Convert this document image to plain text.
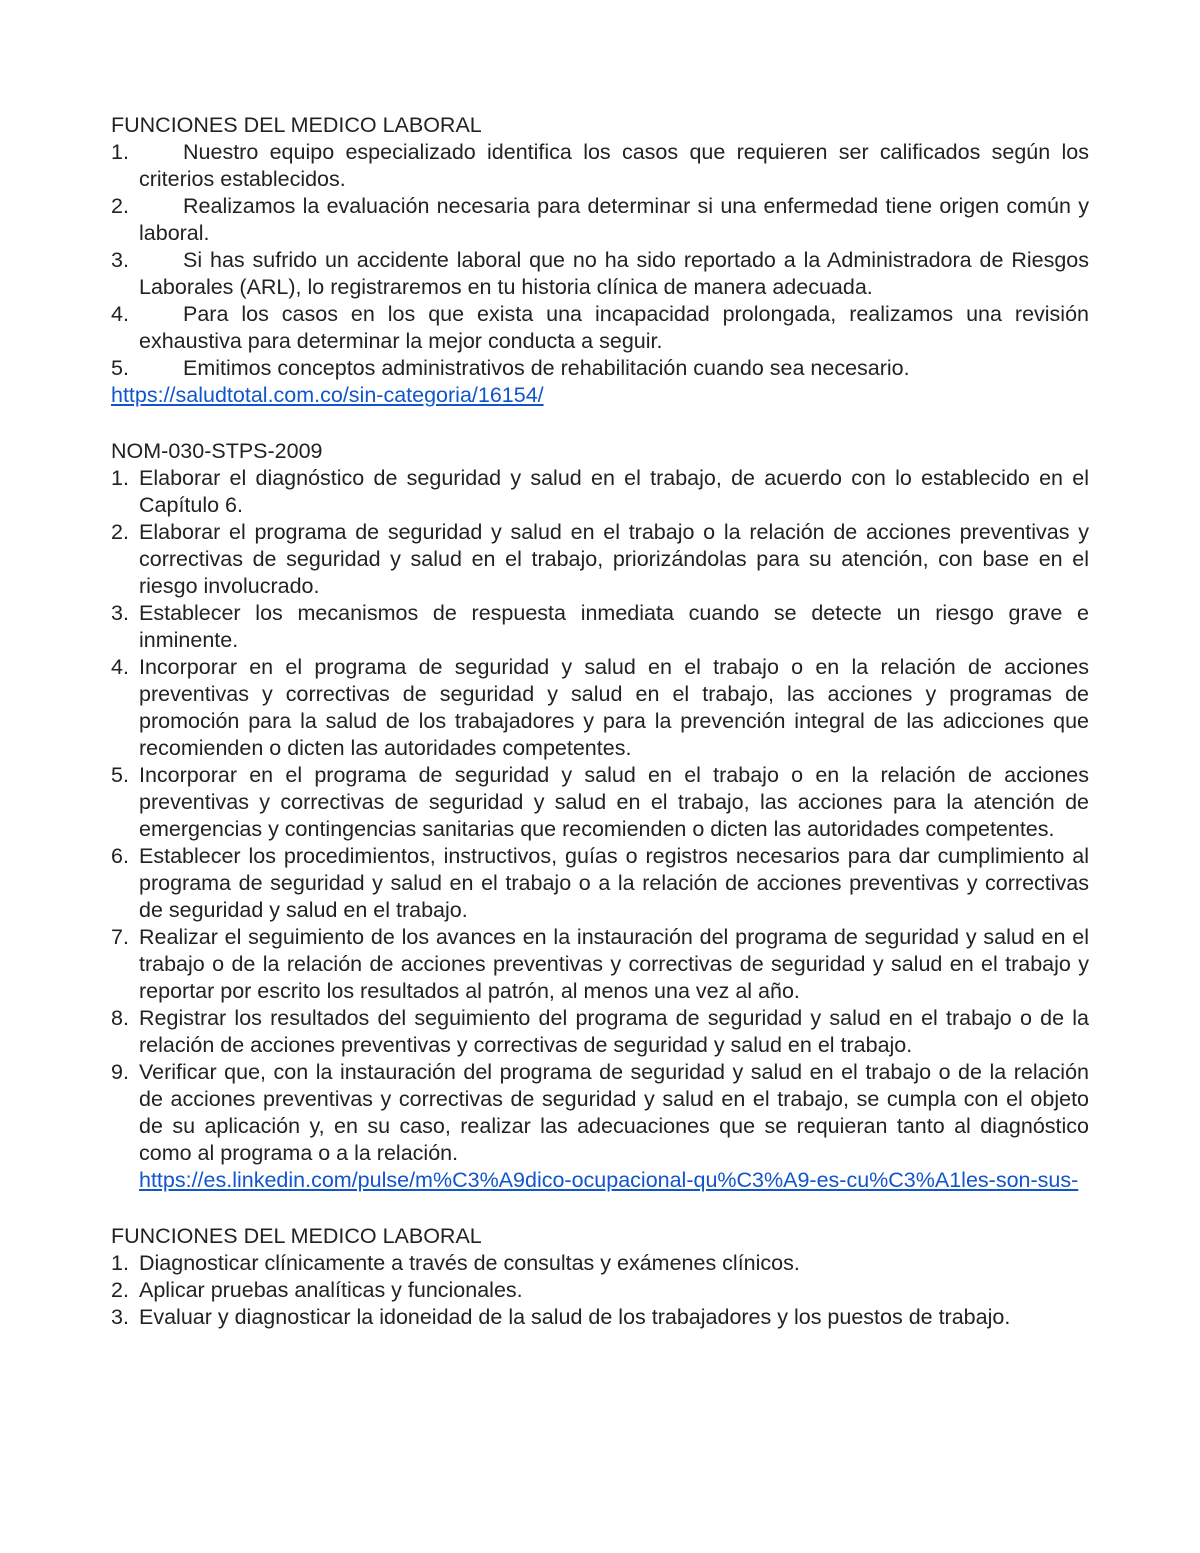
FUNCIONES DEL MEDICO LABORAL
1.	Nuestro equipo especializado identifica los casos que requieren ser calificados según los criterios establecidos.
2.	Realizamos la evaluación necesaria para determinar si una enfermedad tiene origen común y laboral.
3.	Si has sufrido un accidente laboral que no ha sido reportado a la Administradora de Riesgos Laborales (ARL), lo registraremos en tu historia clínica de manera adecuada.
4.	Para los casos en los que exista una incapacidad prolongada, realizamos una revisión exhaustiva para determinar la mejor conducta a seguir.
5.	Emitimos conceptos administrativos de rehabilitación cuando sea necesario.
https://saludtotal.com.co/sin-categoria/16154/
NOM-030-STPS-2009
1. Elaborar el diagnóstico de seguridad y salud en el trabajo, de acuerdo con lo establecido en el Capítulo 6.
2. Elaborar el programa de seguridad y salud en el trabajo o la relación de acciones preventivas y correctivas de seguridad y salud en el trabajo, priorizándolas para su atención, con base en el riesgo involucrado.
3. Establecer los mecanismos de respuesta inmediata cuando se detecte un riesgo grave e inminente.
4. Incorporar en el programa de seguridad y salud en el trabajo o en la relación de acciones preventivas y correctivas de seguridad y salud en el trabajo, las acciones y programas de promoción para la salud de los trabajadores y para la prevención integral de las adicciones que recomienden o dicten las autoridades competentes.
5. Incorporar en el programa de seguridad y salud en el trabajo o en la relación de acciones preventivas y correctivas de seguridad y salud en el trabajo, las acciones para la atención de emergencias y contingencias sanitarias que recomienden o dicten las autoridades competentes.
6. Establecer los procedimientos, instructivos, guías o registros necesarios para dar cumplimiento al programa de seguridad y salud en el trabajo o a la relación de acciones preventivas y correctivas de seguridad y salud en el trabajo.
7. Realizar el seguimiento de los avances en la instauración del programa de seguridad y salud en el trabajo o de la relación de acciones preventivas y correctivas de seguridad y salud en el trabajo y reportar por escrito los resultados al patrón, al menos una vez al año.
8. Registrar los resultados del seguimiento del programa de seguridad y salud en el trabajo o de la relación de acciones preventivas y correctivas de seguridad y salud en el trabajo.
9. Verificar que, con la instauración del programa de seguridad y salud en el trabajo o de la relación de acciones preventivas y correctivas de seguridad y salud en el trabajo, se cumpla con el objeto de su aplicación y, en su caso, realizar las adecuaciones que se requieran tanto al diagnóstico como al programa o a la relación.
https://es.linkedin.com/pulse/m%C3%A9dico-ocupacional-qu%C3%A9-es-cu%C3%A1les-son-sus-
FUNCIONES DEL MEDICO LABORAL
1. Diagnosticar clínicamente a través de consultas y exámenes clínicos.
2. Aplicar pruebas analíticas y funcionales.
3. Evaluar y diagnosticar la idoneidad de la salud de los trabajadores y los puestos de trabajo.
